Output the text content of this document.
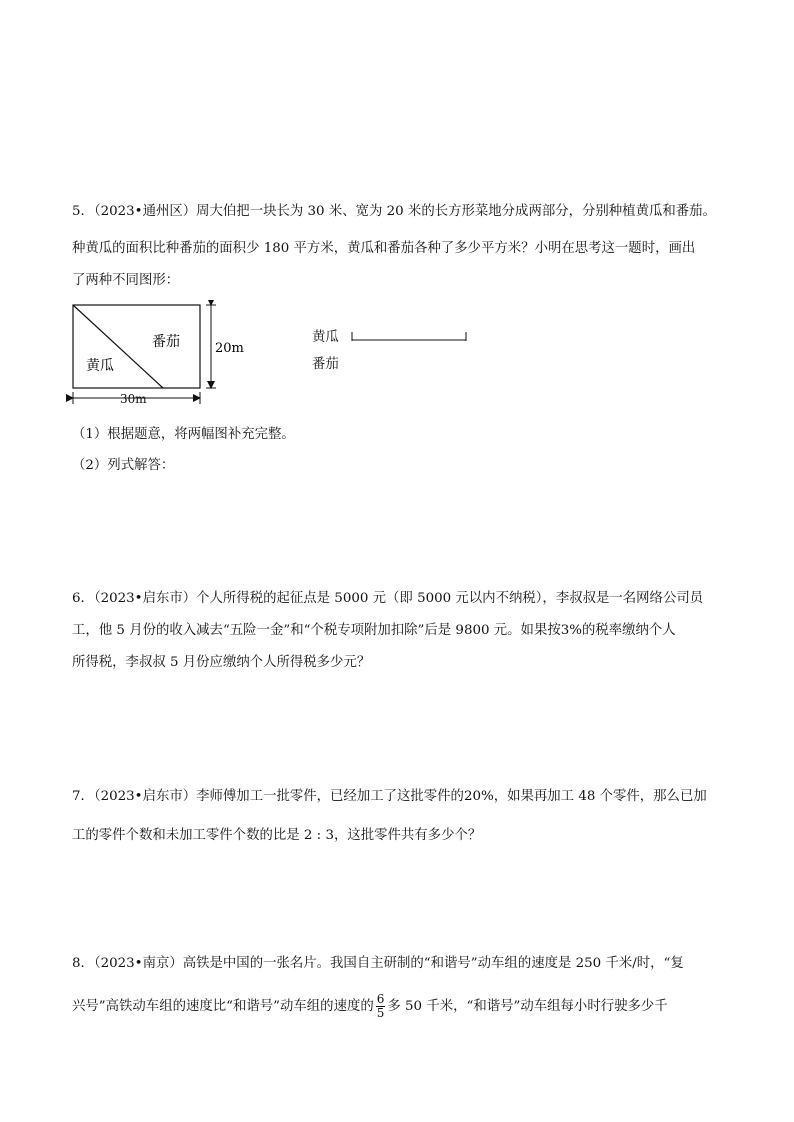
5．（2023•通州区）周大伯把一块长为 30 米、宽为 20 米的长方形菜地分成两部分，分别种植黄瓜和番茄。
种黄瓜的面积比种番茄的面积少 180 平方米，黄瓜和番茄各种了多少平方米？小明在思考这一题时，画出
了两种不同图形：
番茄
黄瓜
20m
30m
黄瓜
番茄
（1）根据题意，将两幅图补充完整。
（2）列式解答：
6．（2023•启东市）个人所得税的起征点是 5000 元（即 5000 元以内不纳税），李叔叔是一名网络公司员
工，他 5 月份的收入减去“五险一金”和“个税专项附加扣除”后是 9800 元。如果按3%的税率缴纳个人
所得税，李叔叔 5 月份应缴纳个人所得税多少元？
7．（2023•启东市）李师傅加工一批零件，已经加工了这批零件的20%，如果再加工 48 个零件，那么已加
工的零件个数和未加工零件个数的比是 2 : 3，这批零件共有多少个？
8．（2023•南京）高铁是中国的一张名片。我国自主研制的“和谐号”动车组的速度是 250 千米/时，“复
兴号”高铁动车组的速度比“和谐号”动车组的速度的 $\frac{6}{5}$ 多 50 千米，“和谐号”动车组每小时行驶多少千
